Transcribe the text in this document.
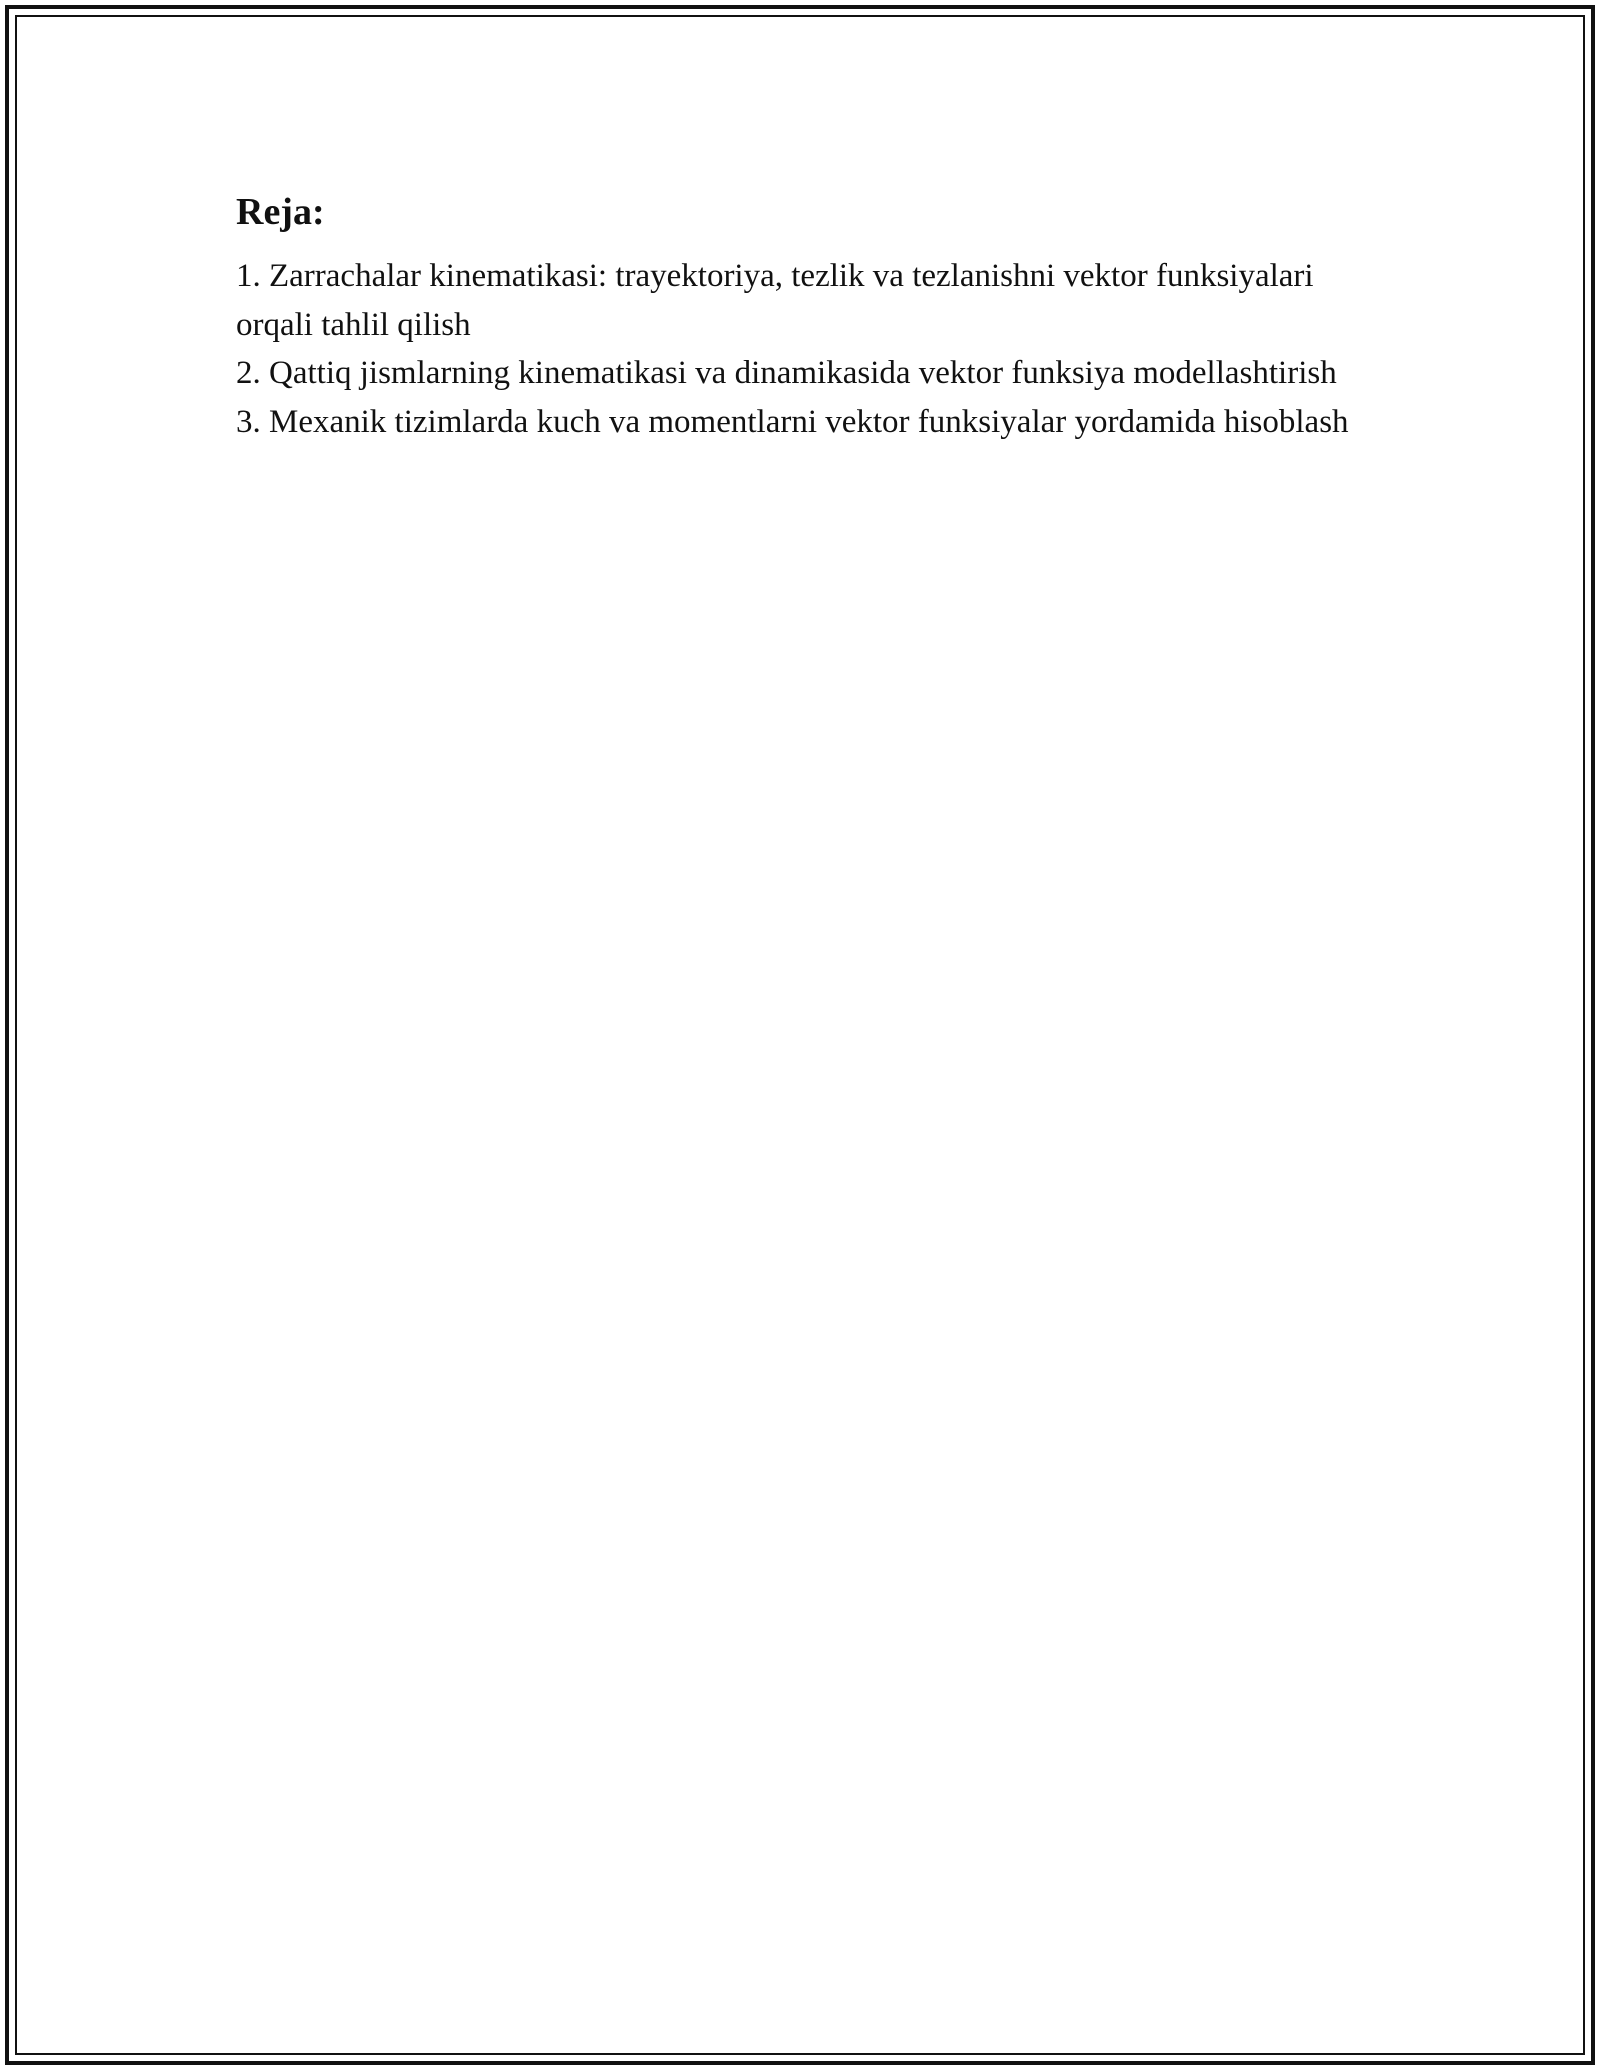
Reja:
1. Zarrachalar kinematikasi: trayektoriya, tezlik va tezlanishni vektor funksiyalari orqali tahlil qilish
2. Qattiq jismlarning kinematikasi va dinamikasida vektor funksiya modellashtirish
3. Mexanik tizimlarda kuch va momentlarni vektor funksiyalar yordamida hisoblash
